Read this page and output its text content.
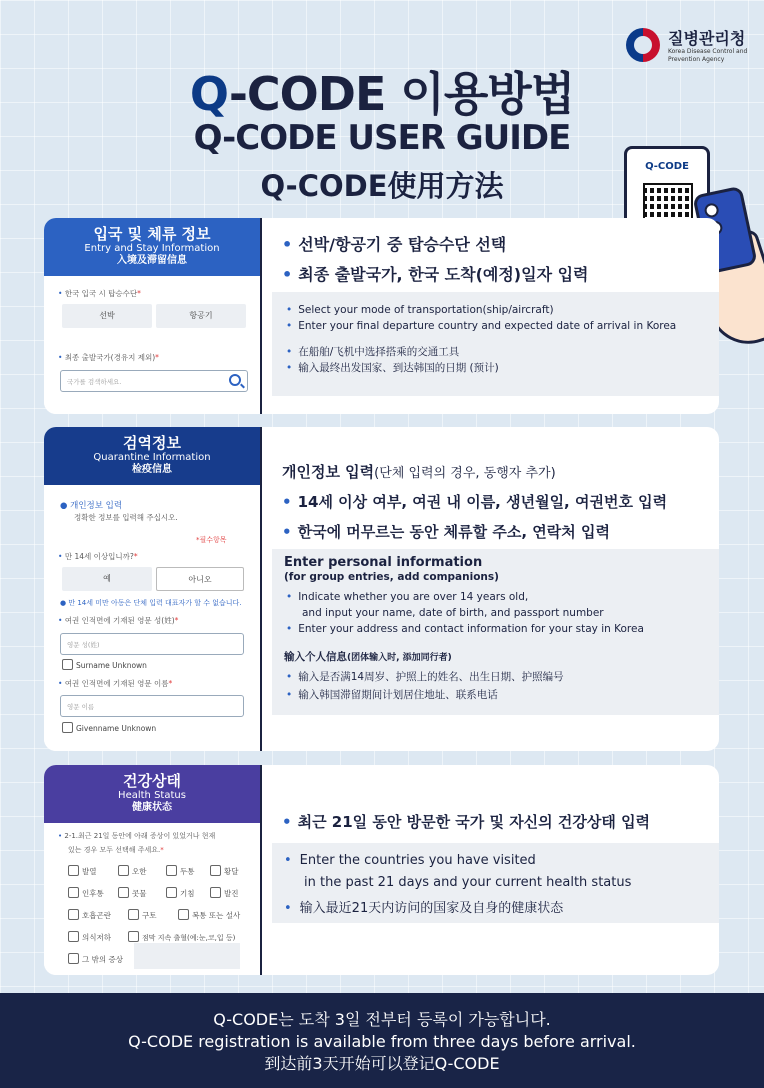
질병관리청
Korea Disease Control and Prevention Agency
Q-CODE 이용방법
Q-CODE USER GUIDE
Q-CODE使用方法
Q-CODE
입국 및 체류 정보
Entry and Stay Information
入境及滞留信息
• 한국 입국 시 탑승수단*
선박	항공기
• 최종 출발국가(경유지 제외)*
국가를 검색하세요.
• 선박/항공기 중 탑승수단 선택
• 최종 출발국가, 한국 도착(예정)일자 입력
• Select your mode of transportation(ship/aircraft)
• Enter your final departure country and expected date of arrival in Korea
• 在船舶/飞机中选择搭乘的交通工具
• 输入最终出发国家、到达韩国的日期 (预计)
검역정보
Quarantine Information
检疫信息
● 개인정보 입력
정확한 정보를 입력해 주십시오.
*필수항목
• 만 14세 이상입니까?*
예	아니오
● 만 14세 미만 아동은 단체 입력 대표자가 할 수 없습니다.
• 여권 인적면에 기재된 영문 성(姓)*
영문 성(姓)
Surname Unknown
• 여권 인적면에 기재된 영문 이름*
영문 이름
Givenname Unknown
개인정보 입력(단체 입력의 경우, 동행자 추가)
• 14세 이상 여부, 여권 내 이름, 생년월일, 여권번호 입력
• 한국에 머무르는 동안 체류할 주소, 연락처 입력
Enter personal information
(for group entries, add companions)
• Indicate whether you are over 14 years old,
and input your name, date of birth, and passport number
• Enter your address and contact information for your stay in Korea
输入个人信息(团体输入时, 添加同行者)
• 输入是否满14周岁、护照上的姓名、出生日期、护照编号
• 输入韩国滞留期间计划居住地址、联系电话
건강상태
Health Status
健康状态
• 2-1.최근 21일 동안에 아래 증상이 있었거나 현재
있는 경우 모두 선택해 주세요.*
발열	오한	두통	황달
인후통	콧물	기침	발진
호흡곤란	구토	복통 또는 설사
의식저하	점막 지속 출혈(예:눈,코,입 등)
그 밖의 증상
• 최근 21일 동안 방문한 국가 및 자신의 건강상태 입력
• Enter the countries you have visited
in the past 21 days and your current health status
• 输入最近21天内访问的国家及自身的健康状态
Q-CODE는 도착 3일 전부터 등록이 가능합니다.
Q-CODE registration is available from three days before arrival.
到达前3天开始可以登记Q-CODE
